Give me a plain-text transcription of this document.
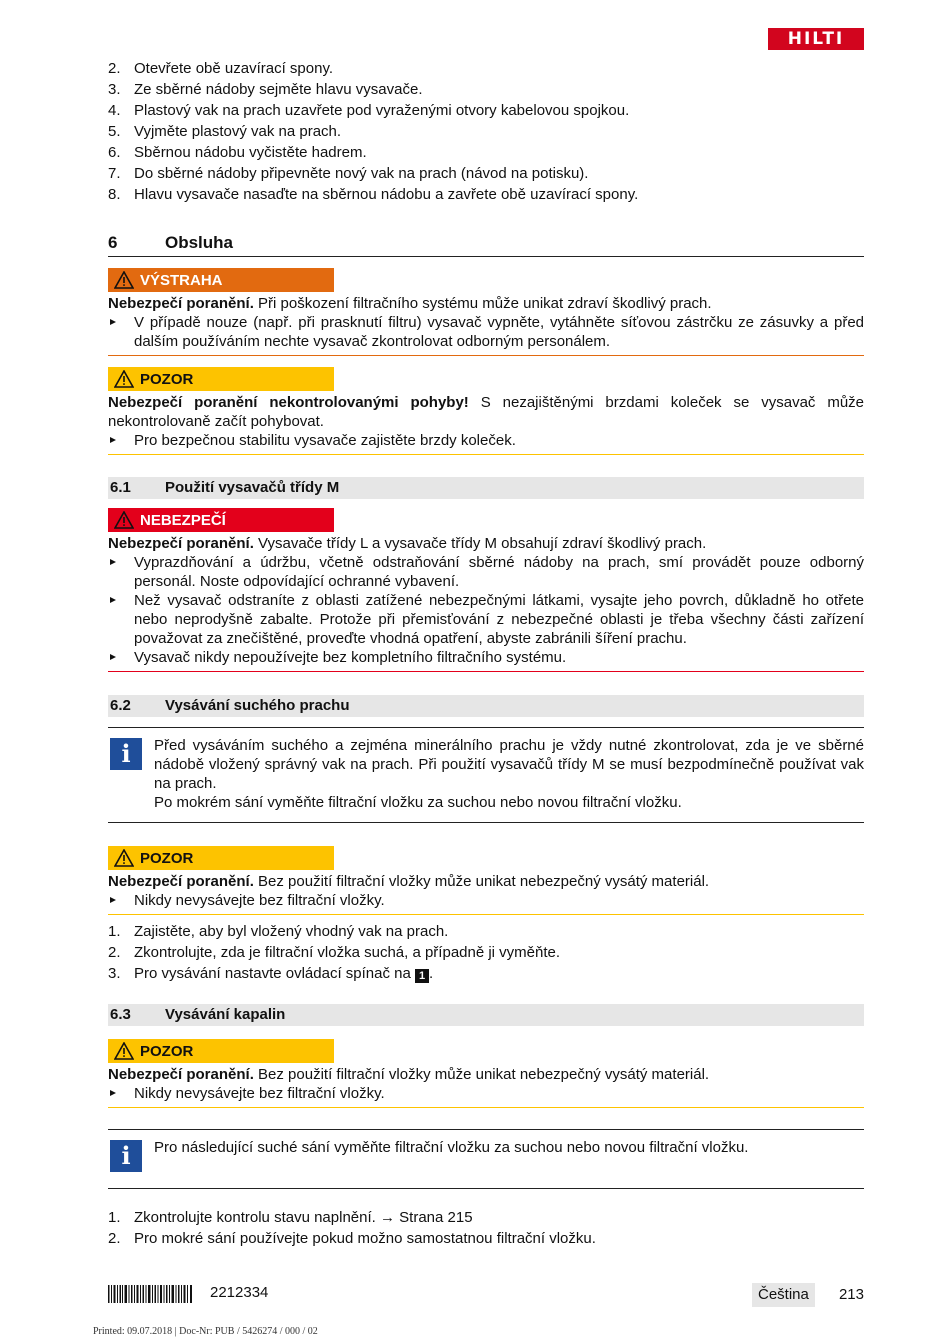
HILTI
2. Otevřete obě uzavírací spony.
3. Ze sběrné nádoby sejměte hlavu vysavače.
4. Plastový vak na prach uzavřete pod vyraženými otvory kabelovou spojkou.
5. Vyjměte plastový vak na prach.
6. Sběrnou nádobu vyčistěte hadrem.
7. Do sběrné nádoby připevněte nový vak na prach (návod na potisku).
8. Hlavu vysavače nasaďte na sběrnou nádobu a zavřete obě uzavírací spony.
6	Obsluha
VÝSTRAHA

Nebezpečí poranění. Při poškození filtračního systému může unikat zdraví škodlivý prach.

V případě nouze (např. při prasknutí filtru) vysavač vypněte, vytáhněte síťovou zástrčku ze zásuvky a před dalším používáním nechte vysavač zkontrolovat odborným personálem.
POZOR

Nebezpečí poranění nekontrolovanými pohyby! S nezajištěnými brzdami koleček se vysavač může nekontrolovaně začít pohybovat.

Pro bezpečnou stabilitu vysavače zajistěte brzdy koleček.
6.1	Použití vysavačů třídy M
NEBEZPEČÍ

Nebezpečí poranění. Vysavače třídy L a vysavače třídy M obsahují zdraví škodlivý prach.

Vyprazdňování a údržbu, včetně odstraňování sběrné nádoby na prach, smí provádět pouze odborný personál. Noste odpovídající ochranné vybavení.
Než vysavač odstraníte z oblasti zatížené nebezpečnými látkami, vysajte jeho povrch, důkladně ho otřete nebo neprodyšně zabalte. Protože při přemisťování z nebezpečné oblasti je třeba všechny části zařízení považovat za znečištěné, proveďte vhodná opatření, abyste zabránili šíření prachu.
Vysavač nikdy nepoužívejte bez kompletního filtračního systému.
6.2	Vysávání suchého prachu
i	Před vysáváním suchého a zejména minerálního prachu je vždy nutné zkontrolovat, zda je ve sběrné nádobě vložený správný vak na prach. Při použití vysavačů třídy M se musí bezpodmínečně používat vak na prach.

Po mokrém sání vyměňte filtrační vložku za suchou nebo novou filtrační vložku.

POZOR

Nebezpečí poranění. Bez použití filtrační vložky může unikat nebezpečný vysátý materiál.

Nikdy nevysávejte bez filtrační vložky.
1. Zajistěte, aby byl vložený vhodný vak na prach.
2. Zkontrolujte, zda je filtrační vložka suchá, a případně ji vyměňte.
3. Pro vysávání nastavte ovládací spínač na 1 .
6.3	Vysávání kapalin
POZOR

Nebezpečí poranění. Bez použití filtrační vložky může unikat nebezpečný vysátý materiál.

Nikdy nevysávejte bez filtrační vložky.
i	Pro následující suché sání vyměňte filtrační vložku za suchou nebo novou filtrační vložku.

1. Zkontrolujte kontrolu stavu naplnění. → Strana 215
2. Pro mokré sání používejte pokud možno samostatnou filtrační vložku.
2212334	Čeština	213
Printed: 09.07.2018 | Doc-Nr: PUB / 5426274 / 000 / 02
